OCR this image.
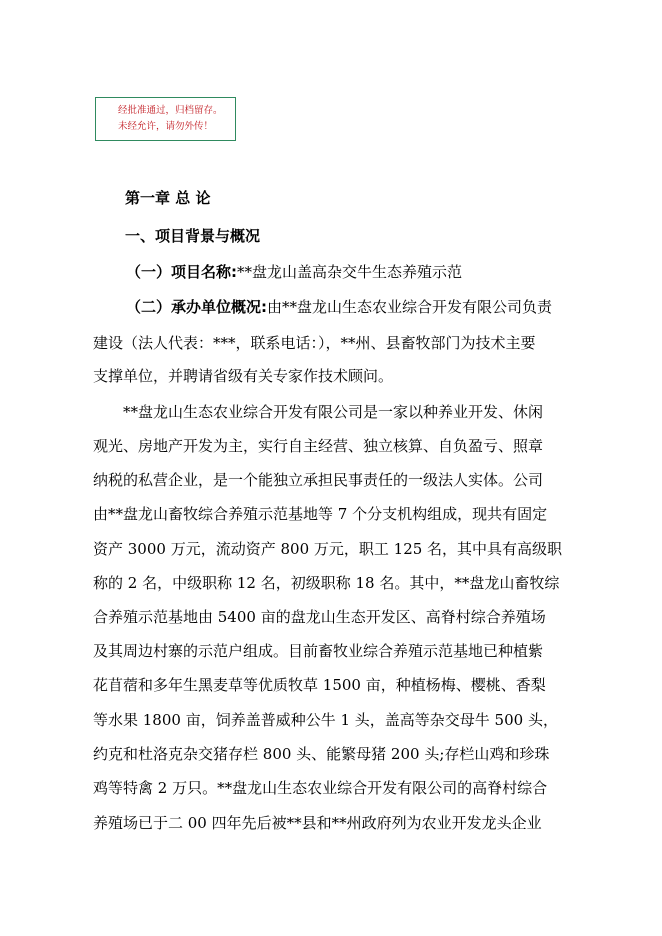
经批准通过，归档留存。
未经允许，请勿外传！
第一章 总 论
一、项目背景与概况
（一）项目名称:**盘龙山盖高杂交牛生态养殖示范
（二）承办单位概况:由**盘龙山生态农业综合开发有限公司负责
建设（法人代表：***，联系电话：），**州、县畜牧部门为技术主要
支撑单位，并聘请省级有关专家作技术顾问。
**盘龙山生态农业综合开发有限公司是一家以种养业开发、休闲
观光、房地产开发为主，实行自主经营、独立核算、自负盈亏、照章
纳税的私营企业，是一个能独立承担民事责任的一级法人实体。公司
由**盘龙山畜牧综合养殖示范基地等 7 个分支机构组成，现共有固定
资产 3000 万元，流动资产 800 万元，职工 125 名，其中具有高级职
称的 2 名，中级职称 12 名，初级职称 18 名。其中，**盘龙山畜牧综
合养殖示范基地由 5400 亩的盘龙山生态开发区、高脊村综合养殖场
及其周边村寨的示范户组成。目前畜牧业综合养殖示范基地已种植紫
花苜蓿和多年生黑麦草等优质牧草 1500 亩，种植杨梅、樱桃、香梨
等水果 1800 亩，饲养盖普威种公牛 1 头，盖高等杂交母牛 500 头，
约克和杜洛克杂交猪存栏 800 头、能繁母猪 200 头;存栏山鸡和珍珠
鸡等特禽 2 万只。**盘龙山生态农业综合开发有限公司的高脊村综合
养殖场已于二 00 四年先后被**县和**州政府列为农业开发龙头企业
